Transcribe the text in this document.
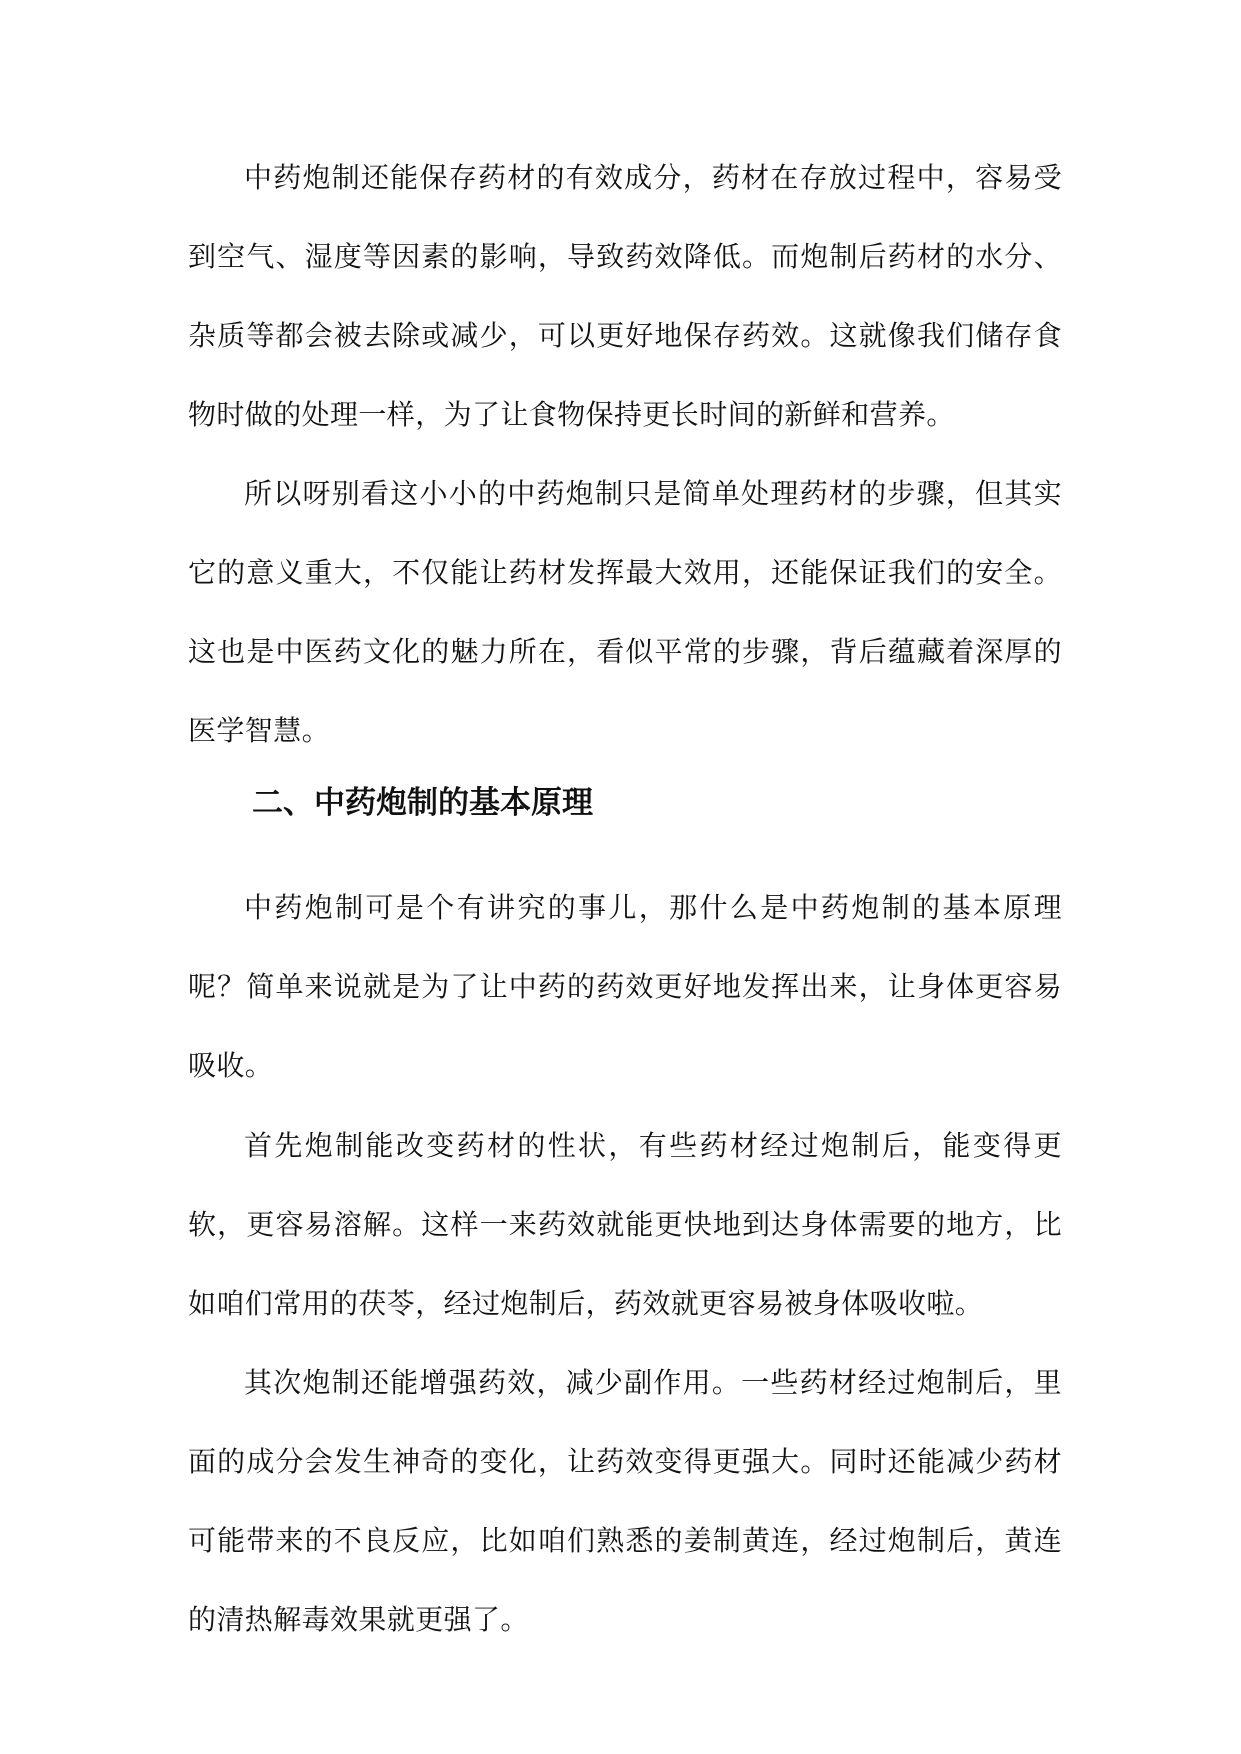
中药炮制还能保存药材的有效成分，药材在存放过程中，容易受到空气、湿度等因素的影响，导致药效降低。而炮制后药材的水分、杂质等都会被去除或减少，可以更好地保存药效。这就像我们储存食物时做的处理一样，为了让食物保持更长时间的新鲜和营养。

所以呀别看这小小的中药炮制只是简单处理药材的步骤，但其实它的意义重大，不仅能让药材发挥最大效用，还能保证我们的安全。这也是中医药文化的魅力所在，看似平常的步骤，背后蕴藏着深厚的医学智慧。

二、中药炮制的基本原理

中药炮制可是个有讲究的事儿，那什么是中药炮制的基本原理呢？简单来说就是为了让中药的药效更好地发挥出来，让身体更容易吸收。

首先炮制能改变药材的性状，有些药材经过炮制后，能变得更软，更容易溶解。这样一来药效就能更快地到达身体需要的地方，比如咱们常用的茯苓，经过炮制后，药效就更容易被身体吸收啦。

其次炮制还能增强药效，减少副作用。一些药材经过炮制后，里面的成分会发生神奇的变化，让药效变得更强大。同时还能减少药材可能带来的不良反应，比如咱们熟悉的姜制黄连，经过炮制后，黄连的清热解毒效果就更强了。
